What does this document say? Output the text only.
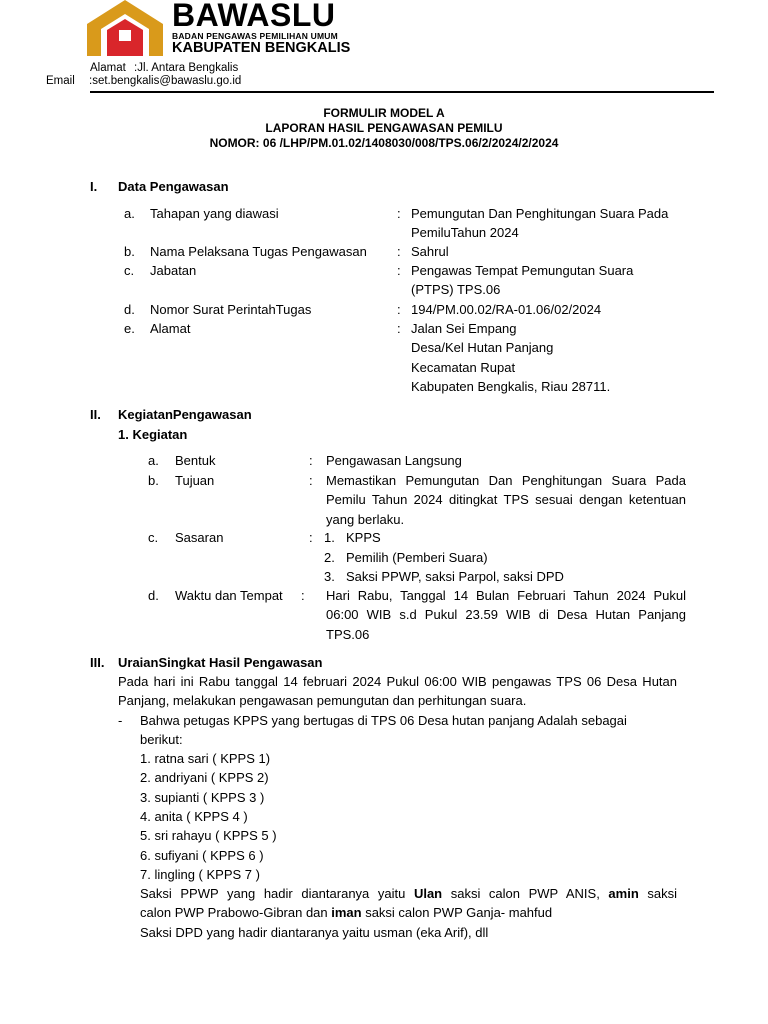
BAWASLU
BADAN PENGAWAS PEMILIHAN UMUM
KABUPATEN BENGKALIS
Alamat :Jl. Antara Bengkalis
Email :set.bengkalis@bawaslu.go.id
FORMULIR MODEL A
LAPORAN HASIL PENGAWASAN PEMILU
NOMOR: 06 /LHP/PM.01.02/1408030/008/TPS.06/2/2024/2/2024
I. Data Pengawasan
a. Tahapan yang diawasi	: Pemungutan Dan Penghitungan Suara Pada
PemiluTahun 2024
b. Nama Pelaksana Tugas Pengawasan : Sahrul
c. Jabatan	: Pengawas Tempat Pemungutan Suara
(PTPS) TPS.06
d. Nomor Surat PerintahTugas	: 194/PM.00.02/RA-01.06/02/2024
e. Alamat	: Jalan Sei Empang
Desa/Kel Hutan Panjang
Kecamatan Rupat
Kabupaten Bengkalis, Riau 28711.
II. KegiatanPengawasan
1. Kegiatan
a. Bentuk	: Pengawasan Langsung
b. Tujuan	: Memastikan Pemungutan Dan Penghitungan Suara Pada Pemilu Tahun 2024 ditingkat TPS sesuai dengan ketentuan yang berlaku.
c. Sasaran	: 1. KPPS
2. Pemilih (Pemberi Suara)
3. Saksi PPWP, saksi Parpol, saksi DPD
d. Waktu dan Tempat : Hari Rabu, Tanggal 14 Bulan Februari Tahun 2024 Pukul 06:00 WIB s.d Pukul 23.59 WIB di Desa Hutan Panjang TPS.06
III. UraianSingkat Hasil Pengawasan
Pada hari ini Rabu tanggal 14 februari 2024 Pukul 06:00 WIB pengawas TPS 06 Desa Hutan Panjang, melakukan pengawasan pemungutan dan perhitungan suara.
- Bahwa petugas KPPS yang bertugas di TPS 06 Desa hutan panjang Adalah sebagai
berikut:
1. ratna sari ( KPPS 1)
2. andriyani ( KPPS 2)
3. supianti ( KPPS 3 )
4. anita ( KPPS 4 )
5. sri rahayu ( KPPS 5 )
6. sufiyani ( KPPS 6 )
7. lingling ( KPPS 7 )
Saksi PPWP yang hadir diantaranya yaitu Ulan saksi calon PWP ANIS, amin saksi
calon PWP Prabowo-Gibran dan iman saksi calon PWP Ganja- mahfud
Saksi DPD yang hadir diantaranya yaitu usman (eka Arif), dll
